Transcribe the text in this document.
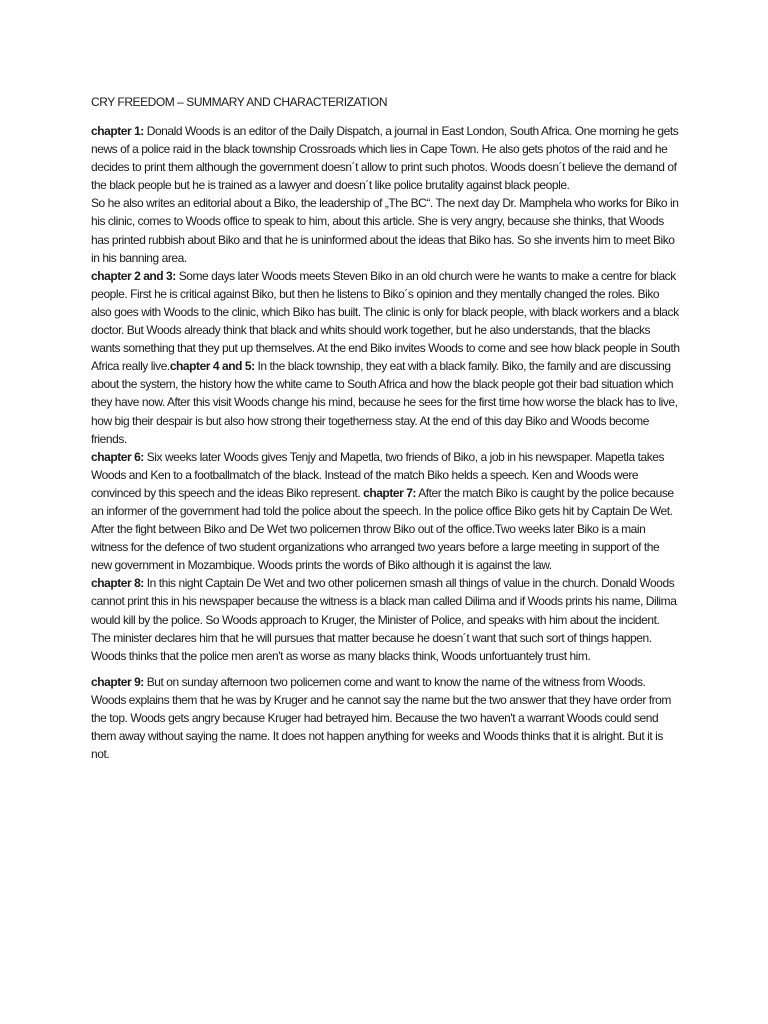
CRY FREEDOM – SUMMARY AND CHARACTERIZATION

chapter 1: Donald Woods is an editor of the Daily Dispatch, a journal in East London, South Africa. One morning he gets news of a police raid in the black township Crossroads which lies in Cape Town. He also gets photos of the raid and he decides to print them although the government doesn´t allow to print such photos. Woods doesn´t believe the demand of the black people but he is trained as a lawyer and doesn´t like police brutality against black people.

So he also writes an editorial about a Biko, the leadership of „The BC“. The next day Dr. Mamphela who works for Biko in his clinic, comes to Woods office to speak to him, about this article. She is very angry, because she thinks, that Woods has printed rubbish about Biko and that he is uninformed about the ideas that Biko has. So she invents him to meet Biko in his banning area.

chapter 2 and 3: Some days later Woods meets Steven Biko in an old church were he wants to make a centre for black people. First he is critical against Biko, but then he listens to Biko´s opinion and they mentally changed the roles. Biko also goes with Woods to the clinic, which Biko has built. The clinic is only for black people, with black workers and a black doctor. But Woods already think that black and whits should work together, but he also understands, that the blacks wants something that they put up themselves. At the end Biko invites Woods to come and see how black people in South Africa really live.chapter 4 and 5: In the black township, they eat with a black family. Biko, the family and are discussing about the system, the history how the white came to South Africa and how the black people got their bad situation which they have now. After this visit Woods change his mind, because he sees for the first time how worse the black has to live, how big their despair is but also how strong their togetherness stay. At the end of this day Biko and Woods become friends.

chapter 6: Six weeks later Woods gives Tenjy and Mapetla, two friends of Biko, a job in his newspaper. Mapetla takes Woods and Ken to a footballmatch of the black. Instead of the match Biko helds a speech. Ken and Woods were convinced by this speech and the ideas Biko represent. chapter 7: After the match Biko is caught by the police because an informer of the government had told the police about the speech. In the police office Biko gets hit by Captain De Wet. After the fight between Biko and De Wet two policemen throw Biko out of the office.Two weeks later Biko is a main witness for the defence of two student organizations who arranged two years before a large meeting in support of the new government in Mozambique. Woods prints the words of Biko although it is against the law.

chapter 8: In this night Captain De Wet and two other policemen smash all things of value in the church. Donald Woods cannot print this in his newspaper because the witness is a black man called Dilima and if Woods prints his name, Dilima would kill by the police. So Woods approach to Kruger, the Minister of Police, and speaks with him about the incident. The minister declares him that he will pursues that matter because he doesn´t want that such sort of things happen. Woods thinks that the police men aren't as worse as many blacks think, Woods unfortuantely trust him.

chapter 9: But on sunday afternoon two policemen come and want to know the name of the witness from Woods. Woods explains them that he was by Kruger and he cannot say the name but the two answer that they have order from the top. Woods gets angry because Kruger had betrayed him. Because the two haven't a warrant Woods could send them away without saying the name. It does not happen anything for weeks and Woods thinks that it is alright. But it is not.
